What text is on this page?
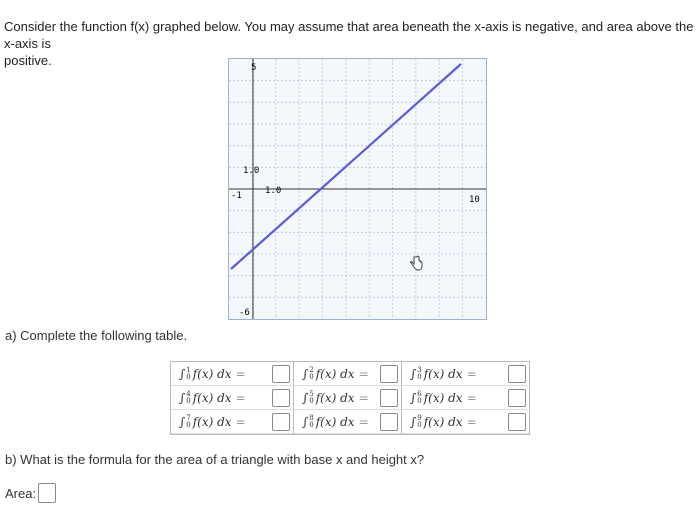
Consider the function f(x) graphed below. You may assume that area beneath the x-axis is negative, and area above the x-axis is
positive.	5
1.0
1.0
-1	10
-6
a) Complete the following table.
∫ 1
0 f(x) dx =	∫ 2
0 f(x) dx =	∫ 3
0 f(x) dx =
∫ 4
0 f(x) dx =	∫ 5
0 f(x) dx =	∫ 6
0 f(x) dx =
∫ 7
0 f(x) dx =	∫ 8
0 f(x) dx =	∫ 9
0 f(x) dx =
b) What is the formula for the area of a triangle with base x and height x?
Area:
